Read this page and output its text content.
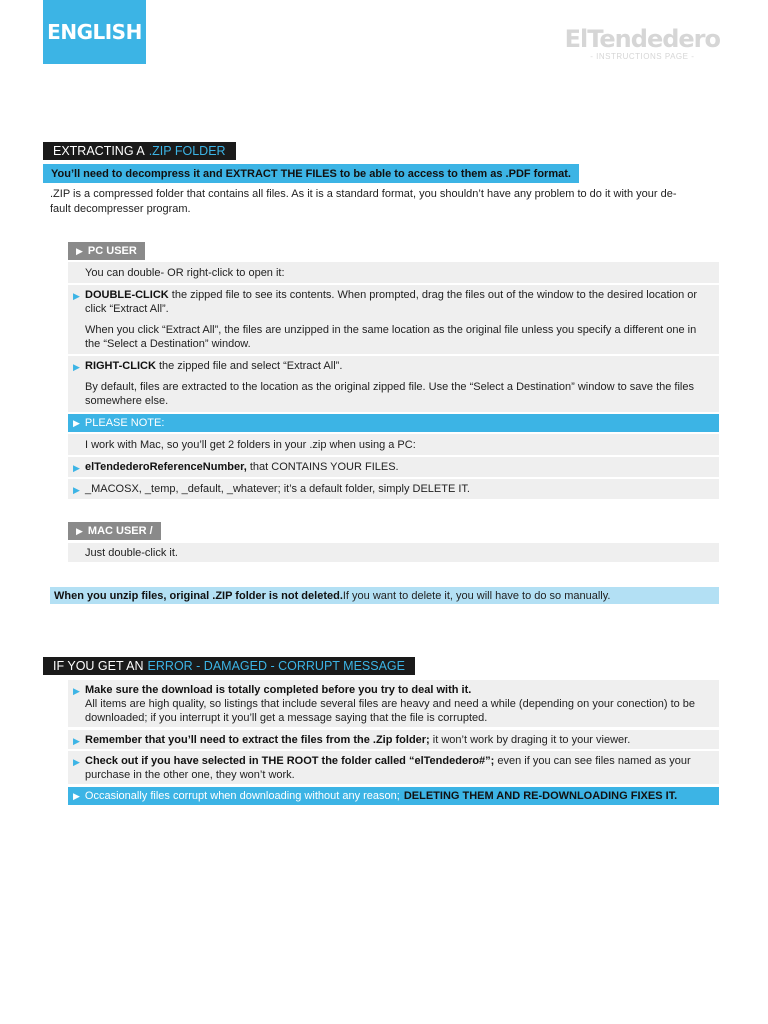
ENGLISH	ElTendedero
- INSTRUCTIONS PAGE -
EXTRACTING A .ZIP FOLDER
You’ll need to decompress it and EXTRACT THE FILES to be able to access to them as .PDF format.
.ZIP is a compressed folder that contains all files. As it is a standard format, you shouldn’t have any problem to do it with your de-
fault decompresser program.
▶ PC USER
You can double- OR right-click to open it:
▶ DOUBLE-CLICK the zipped file to see its contents. When prompted, drag the files out of the window to the desired location or click “Extract All”.
When you click “Extract All”, the files are unzipped in the same location as the original file unless you specify a different one in the “Select a Destination” window.
▶ RIGHT-CLICK the zipped file and select “Extract All”.
By default, files are extracted to the location as the original zipped file. Use the “Select a Destination” window to save the files somewhere else.
▶ PLEASE NOTE:
I work with Mac, so you’ll get 2 folders in your .zip when using a PC:
▶ elTendederoReferenceNumber, that CONTAINS YOUR FILES.
▶ _MACOSX, _temp, _default, _whatever; it’s a default folder, simply DELETE IT.
▶ MAC USER /
Just double-click it.
When you unzip files, original .ZIP folder is not deleted. If you want to delete it, you will have to do so manually.
IF YOU GET AN ERROR - DAMAGED - CORRUPT MESSAGE
▶ Make sure the download is totally completed before you try to deal with it.
All items are high quality, so listings that include several files are heavy and need a while (depending on your conection) to be downloaded; if you interrupt it you’ll get a message saying that the file is corrupted.
▶ Remember that you’ll need to extract the files from the .Zip folder; it won’t work by draging it to your viewer.
▶ Check out if you have selected in THE ROOT the folder called “elTendedero#”; even if you can see files named as your purchase in the other one, they won’t work.
▶ Occasionally files corrupt when downloading without any reason; DELETING THEM AND RE-DOWNLOADING FIXES IT.
